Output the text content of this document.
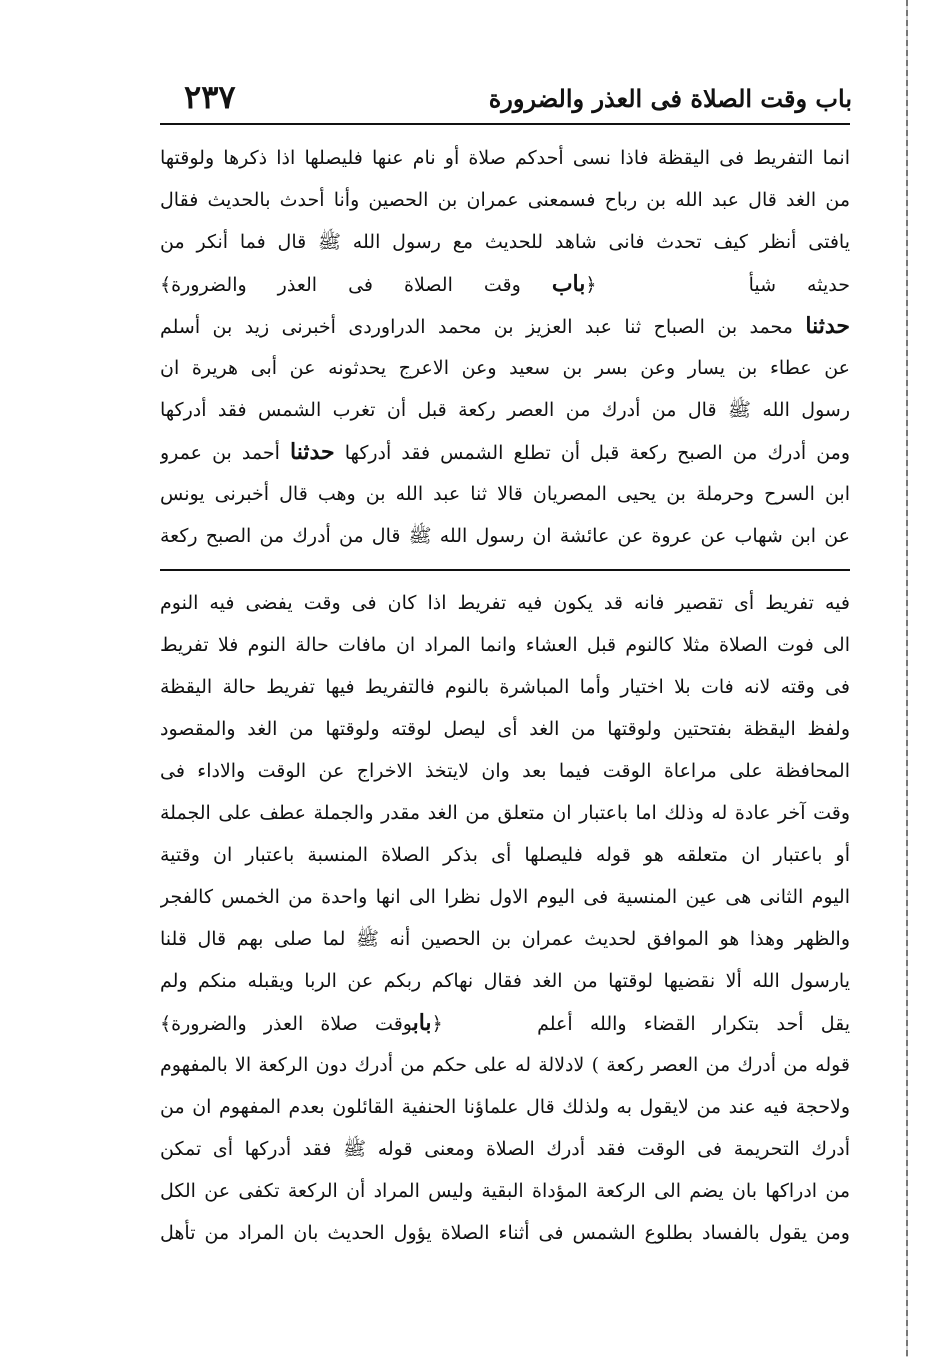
باب وقت الصلاة فى العذر والضرورة
٢٣٧
انما التفريط فى اليقظة فاذا نسى أحدكم صلاة أو نام عنها فليصلها اذا ذكرها ولوقتها
من الغد قال عبد الله بن رباح فسمعنى عمران بن الحصين وأنا أحدث بالحديث فقال
يافتى أنظر كيف تحدث فانى شاهد للحديث مع رسول الله ﷺ قال فما أنكر من
حديثه شيأ  ﴿باب وقت الصلاة فى العذر والضرورة﴾
حدثنا محمد بن الصباح ثنا عبد العزيز بن محمد الدراوردى أخبرنى زيد بن أسلم
عن عطاء بن يسار وعن بسر بن سعيد وعن الاعرج يحدثونه عن أبى هريرة ان
رسول الله ﷺ قال من أدرك من العصر ركعة قبل أن تغرب الشمس فقد أدركها
ومن أدرك من الصبح ركعة قبل أن تطلع الشمس فقد أدركها حدثنا أحمد بن عمرو
ابن السرح وحرملة بن يحيى المصريان قالا ثنا عبد الله بن وهب قال أخبرنى يونس
عن ابن شهاب عن عروة عن عائشة ان رسول الله ﷺ قال من أدرك من الصبح ركعة
فيه تفريط أى تقصير فانه قد يكون فيه تفريط اذا كان فى وقت يفضى فيه النوم
الى فوت الصلاة مثلا كالنوم قبل العشاء وانما المراد ان مافات حالة النوم فلا تفريط
فى وقته لانه فات بلا اختيار وأما المباشرة بالنوم فالتفريط فيها تفريط حالة اليقظة
ولفظ اليقظة بفتحتين ولوقتها من الغد أى ليصل لوقته ولوقتها من الغد والمقصود
المحافظة على مراعاة الوقت فيما بعد وان لايتخذ الاخراج عن الوقت والاداء فى
وقت آخر عادة له وذلك اما باعتبار ان متعلق من الغد مقدر والجملة عطف على الجملة
أو باعتبار ان متعلقه هو قوله فليصلها أى بذكر الصلاة المنسبة باعتبار ان وقتية
اليوم الثانى هى عين المنسية فى اليوم الاول نظرا الى انها واحدة من الخمس كالفجر
والظهر وهذا هو الموافق لحديث عمران بن الحصين أنه ﷺ لما صلى بهم قال قلنا
يارسول الله ألا نقضيها لوقتها من الغد فقال نهاكم ربكم عن الربا ويقبله منكم ولم
يقل أحد بتكرار القضاء والله أعلم  ﴿بابوقت صلاة العذر والضرورة﴾
قوله من أدرك من العصر ركعة ) لادلالة له على حكم من أدرك دون الركعة الا بالمفهوم
ولاحجة فيه عند من لايقول به ولذلك قال علماؤنا الحنفية القائلون بعدم المفهوم ان من
أدرك التحريمة فى الوقت فقد أدرك الصلاة ومعنى قوله ﷺ فقد أدركها أى تمكن
من ادراكها بان يضم الى الركعة المؤداة البقية وليس المراد أن الركعة تكفى عن الكل
ومن يقول بالفساد بطلوع الشمس فى أثناء الصلاة يؤول الحديث بان المراد من تأهل
